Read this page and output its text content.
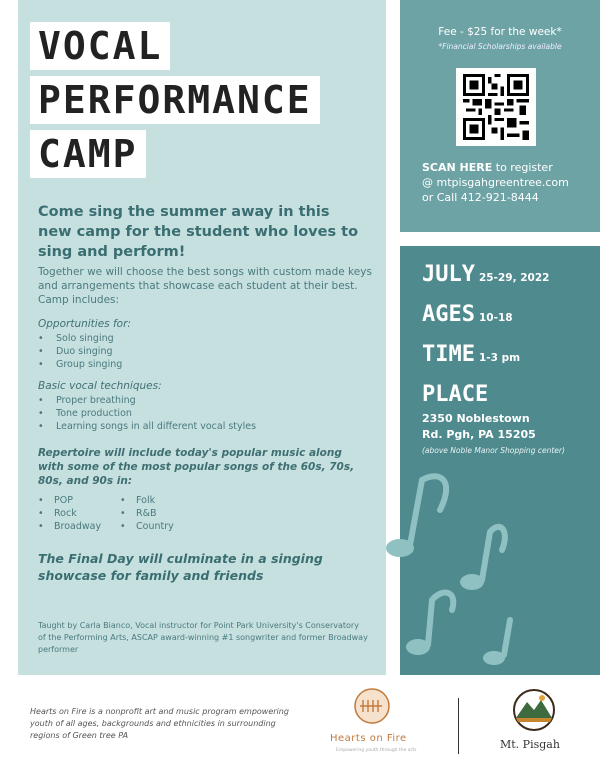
VOCAL
PERFORMANCE
CAMP
Come sing the summer away in this new camp for the student who loves to sing and perform!
Together we will choose the best songs with custom made keys and arrangements that showcase each student at their best. Camp includes:
Opportunities for:
• Solo singing
• Duo singing
• Group singing
Basic vocal techniques:
• Proper breathing
• Tone production
• Learning songs in all different vocal styles
Repertoire will include today's popular music along with some of the most popular songs of the 60s, 70s, 80s, and 90s in:
• POP
• Rock
• Broadway
• Folk
• R&B
• Country
The Final Day will culminate in a singing showcase for family and friends
Taught by Carla Bianco, Vocal instructor for Point Park University's Conservatory of the Performing Arts, ASCAP award-winning #1 songwriter and former Broadway performer
Fee - $25 for the week*
*Financial Scholarships available
SCAN HERE to register
@ mtpisgahgreentree.com
or Call 412-921-8444
JULY 25-29, 2022
AGES 10-18
TIME 1-3 pm
PLACE
2350 Noblestown
Rd. Pgh, PA 15205
(above Noble Manor Shopping center)
Hearts on Fire is a nonprofit art and music program empowering youth of all ages, backgrounds and ethnicities in surrounding regions of Green tree PA	Hearts on Fire
Empowering youth through the arts	Mt. Pisgah
